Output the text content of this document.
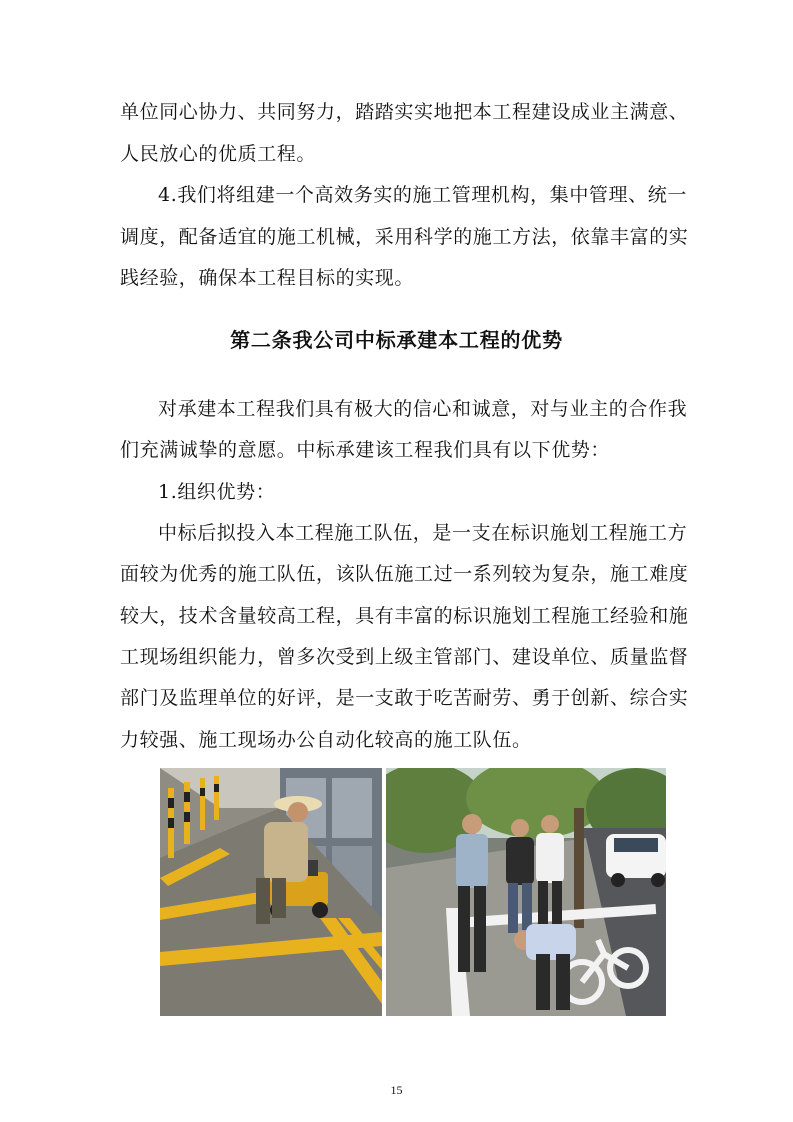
单位同心协力、共同努力，踏踏实实地把本工程建设成业主满意、
人民放心的优质工程。
4.我们将组建一个高效务实的施工管理机构，集中管理、统一
调度，配备适宜的施工机械，采用科学的施工方法，依靠丰富的实
践经验，确保本工程目标的实现。
第二条我公司中标承建本工程的优势
对承建本工程我们具有极大的信心和诚意，对与业主的合作我
们充满诚挚的意愿。中标承建该工程我们具有以下优势：
1.组织优势：
中标后拟投入本工程施工队伍，是一支在标识施划工程施工方
面较为优秀的施工队伍，该队伍施工过一系列较为复杂，施工难度
较大，技术含量较高工程，具有丰富的标识施划工程施工经验和施
工现场组织能力，曾多次受到上级主管部门、建设单位、质量监督
部门及监理单位的好评，是一支敢于吃苦耐劳、勇于创新、综合实
力较强、施工现场办公自动化较高的施工队伍。
15
